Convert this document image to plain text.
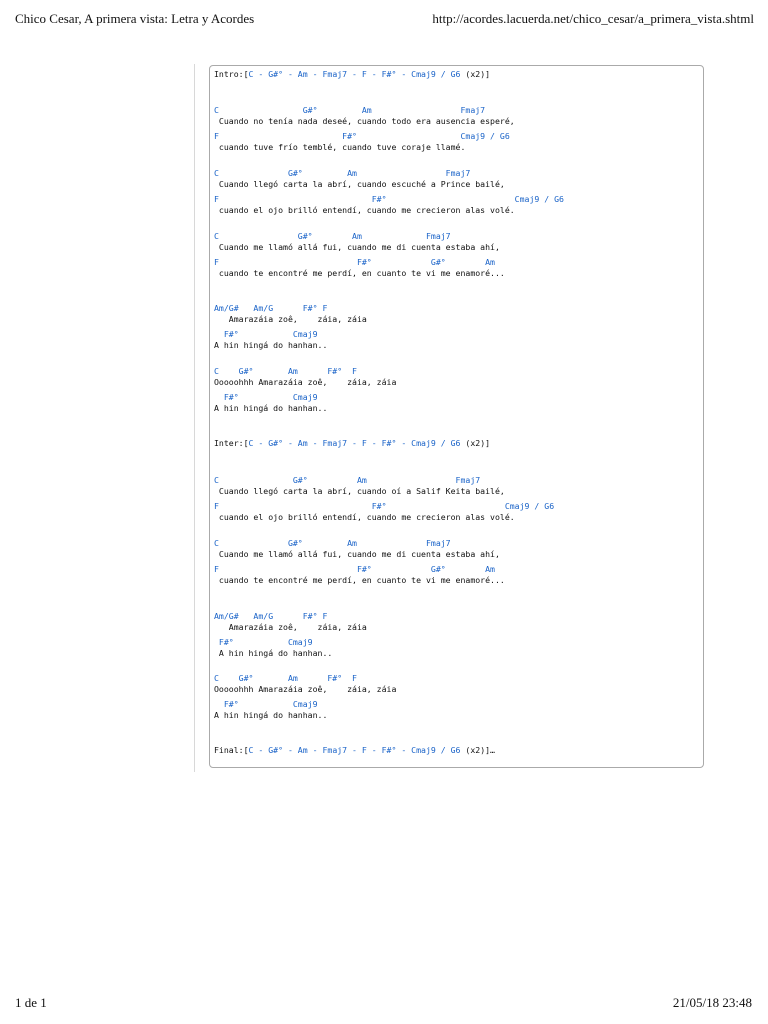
Chico Cesar, A primera vista: Letra y Acordes	http://acordes.lacuerda.net/chico_cesar/a_primera_vista.shtml
Intro:[C - G#° - Am - Fmaj7 - F - F#° - Cmaj9 / G6 (x2)]
C                 G#°         Am                  Fmaj7
Cuando no tenía nada deseé, cuando todo era ausencia esperé,
F                         F#°                     Cmaj9 / G6
cuando tuve frío temblé, cuando tuve coraje llamé.
C              G#°         Am                  Fmaj7
Cuando llegó carta la abrí, cuando escuché a Prince bailé,
F                               F#°                          Cmaj9 / G6
cuando el ojo brilló entendí, cuando me crecieron alas volé.
C                G#°        Am             Fmaj7
Cuando me llamó allá fui, cuando me di cuenta estaba ahí,
F                            F#°            G#°        Am
cuando te encontré me perdí, en cuanto te vi me enamoré...
Am/G#   Am/G      F#° F
Amarazáia zoê,    záia, záia
F#°           Cmaj9
A hin hingá do hanhan..
C    G#°       Am      F#°  F
Ooooohhh Amarazáia zoê,    záia, záia
F#°           Cmaj9
A hin hingá do hanhan..
Inter:[C - G#° - Am - Fmaj7 - F - F#° - Cmaj9 / G6 (x2)]
C               G#°          Am                  Fmaj7
Cuando llegó carta la abrí, cuando oí a Salif Keita bailé,
F                               F#°                        Cmaj9 / G6
cuando el ojo brilló entendí, cuando me crecieron alas volé.
C              G#°         Am              Fmaj7
Cuando me llamó allá fui, cuando me di cuenta estaba ahí,
F                            F#°            G#°        Am
cuando te encontré me perdí, en cuanto te vi me enamoré...
Am/G#   Am/G      F#° F
Amarazáia zoê,    záia, záia
F#°           Cmaj9
A hin hingá do hanhan..
C    G#°       Am      F#°  F
Ooooohhh Amarazáia zoê,    záia, záia
F#°           Cmaj9
A hin hingá do hanhan..
Final:[C - G#° - Am - Fmaj7 - F - F#° - Cmaj9 / G6 (x2)]…
1 de 1	21/05/18 23:48
